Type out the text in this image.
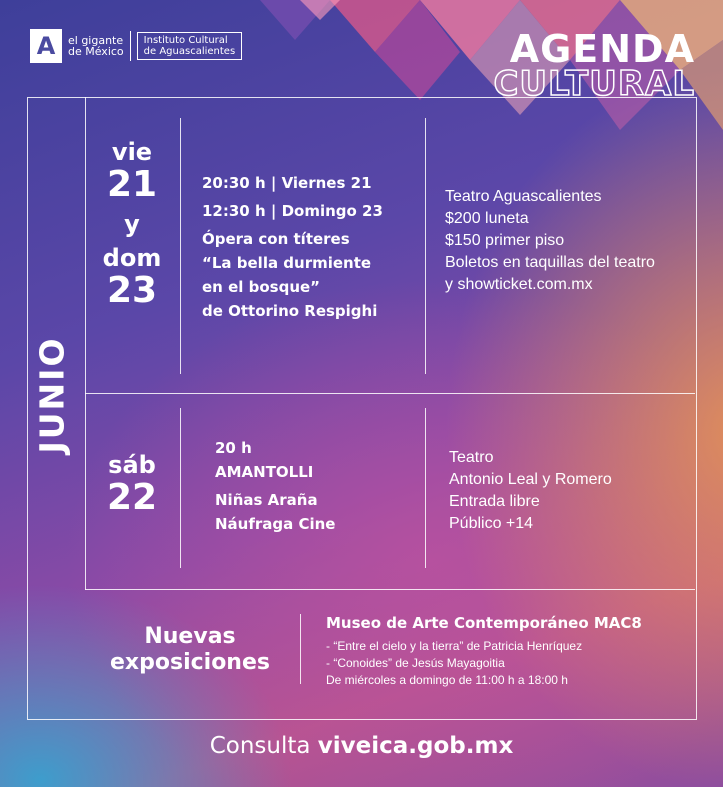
A	el gigante
de México
Instituto Cultural
de Aguascalientes	AGENDA
CULTURAL
JUNIO
vie
21
y
dom
23
20:30 h | Viernes 21
12:30 h | Domingo 23
Ópera con títeres
“La bella durmiente
en el bosque”
de Ottorino Respighi
Teatro Aguascalientes
$200 luneta
$150 primer piso
Boletos en taquillas del teatro
y showticket.com.mx
sáb
22
20 h
AMANTOLLI
Niñas Araña
Náufraga Cine
Teatro
Antonio Leal y Romero
Entrada libre
Público +14
Nuevas
exposiciones
Museo de Arte Contemporáneo MAC8
- “Entre el cielo y la tierra” de Patricia Henríquez
- “Conoides” de Jesús Mayagoitia
De miércoles a domingo de 11:00 h a 18:00 h
Consulta viveica.gob.mx
